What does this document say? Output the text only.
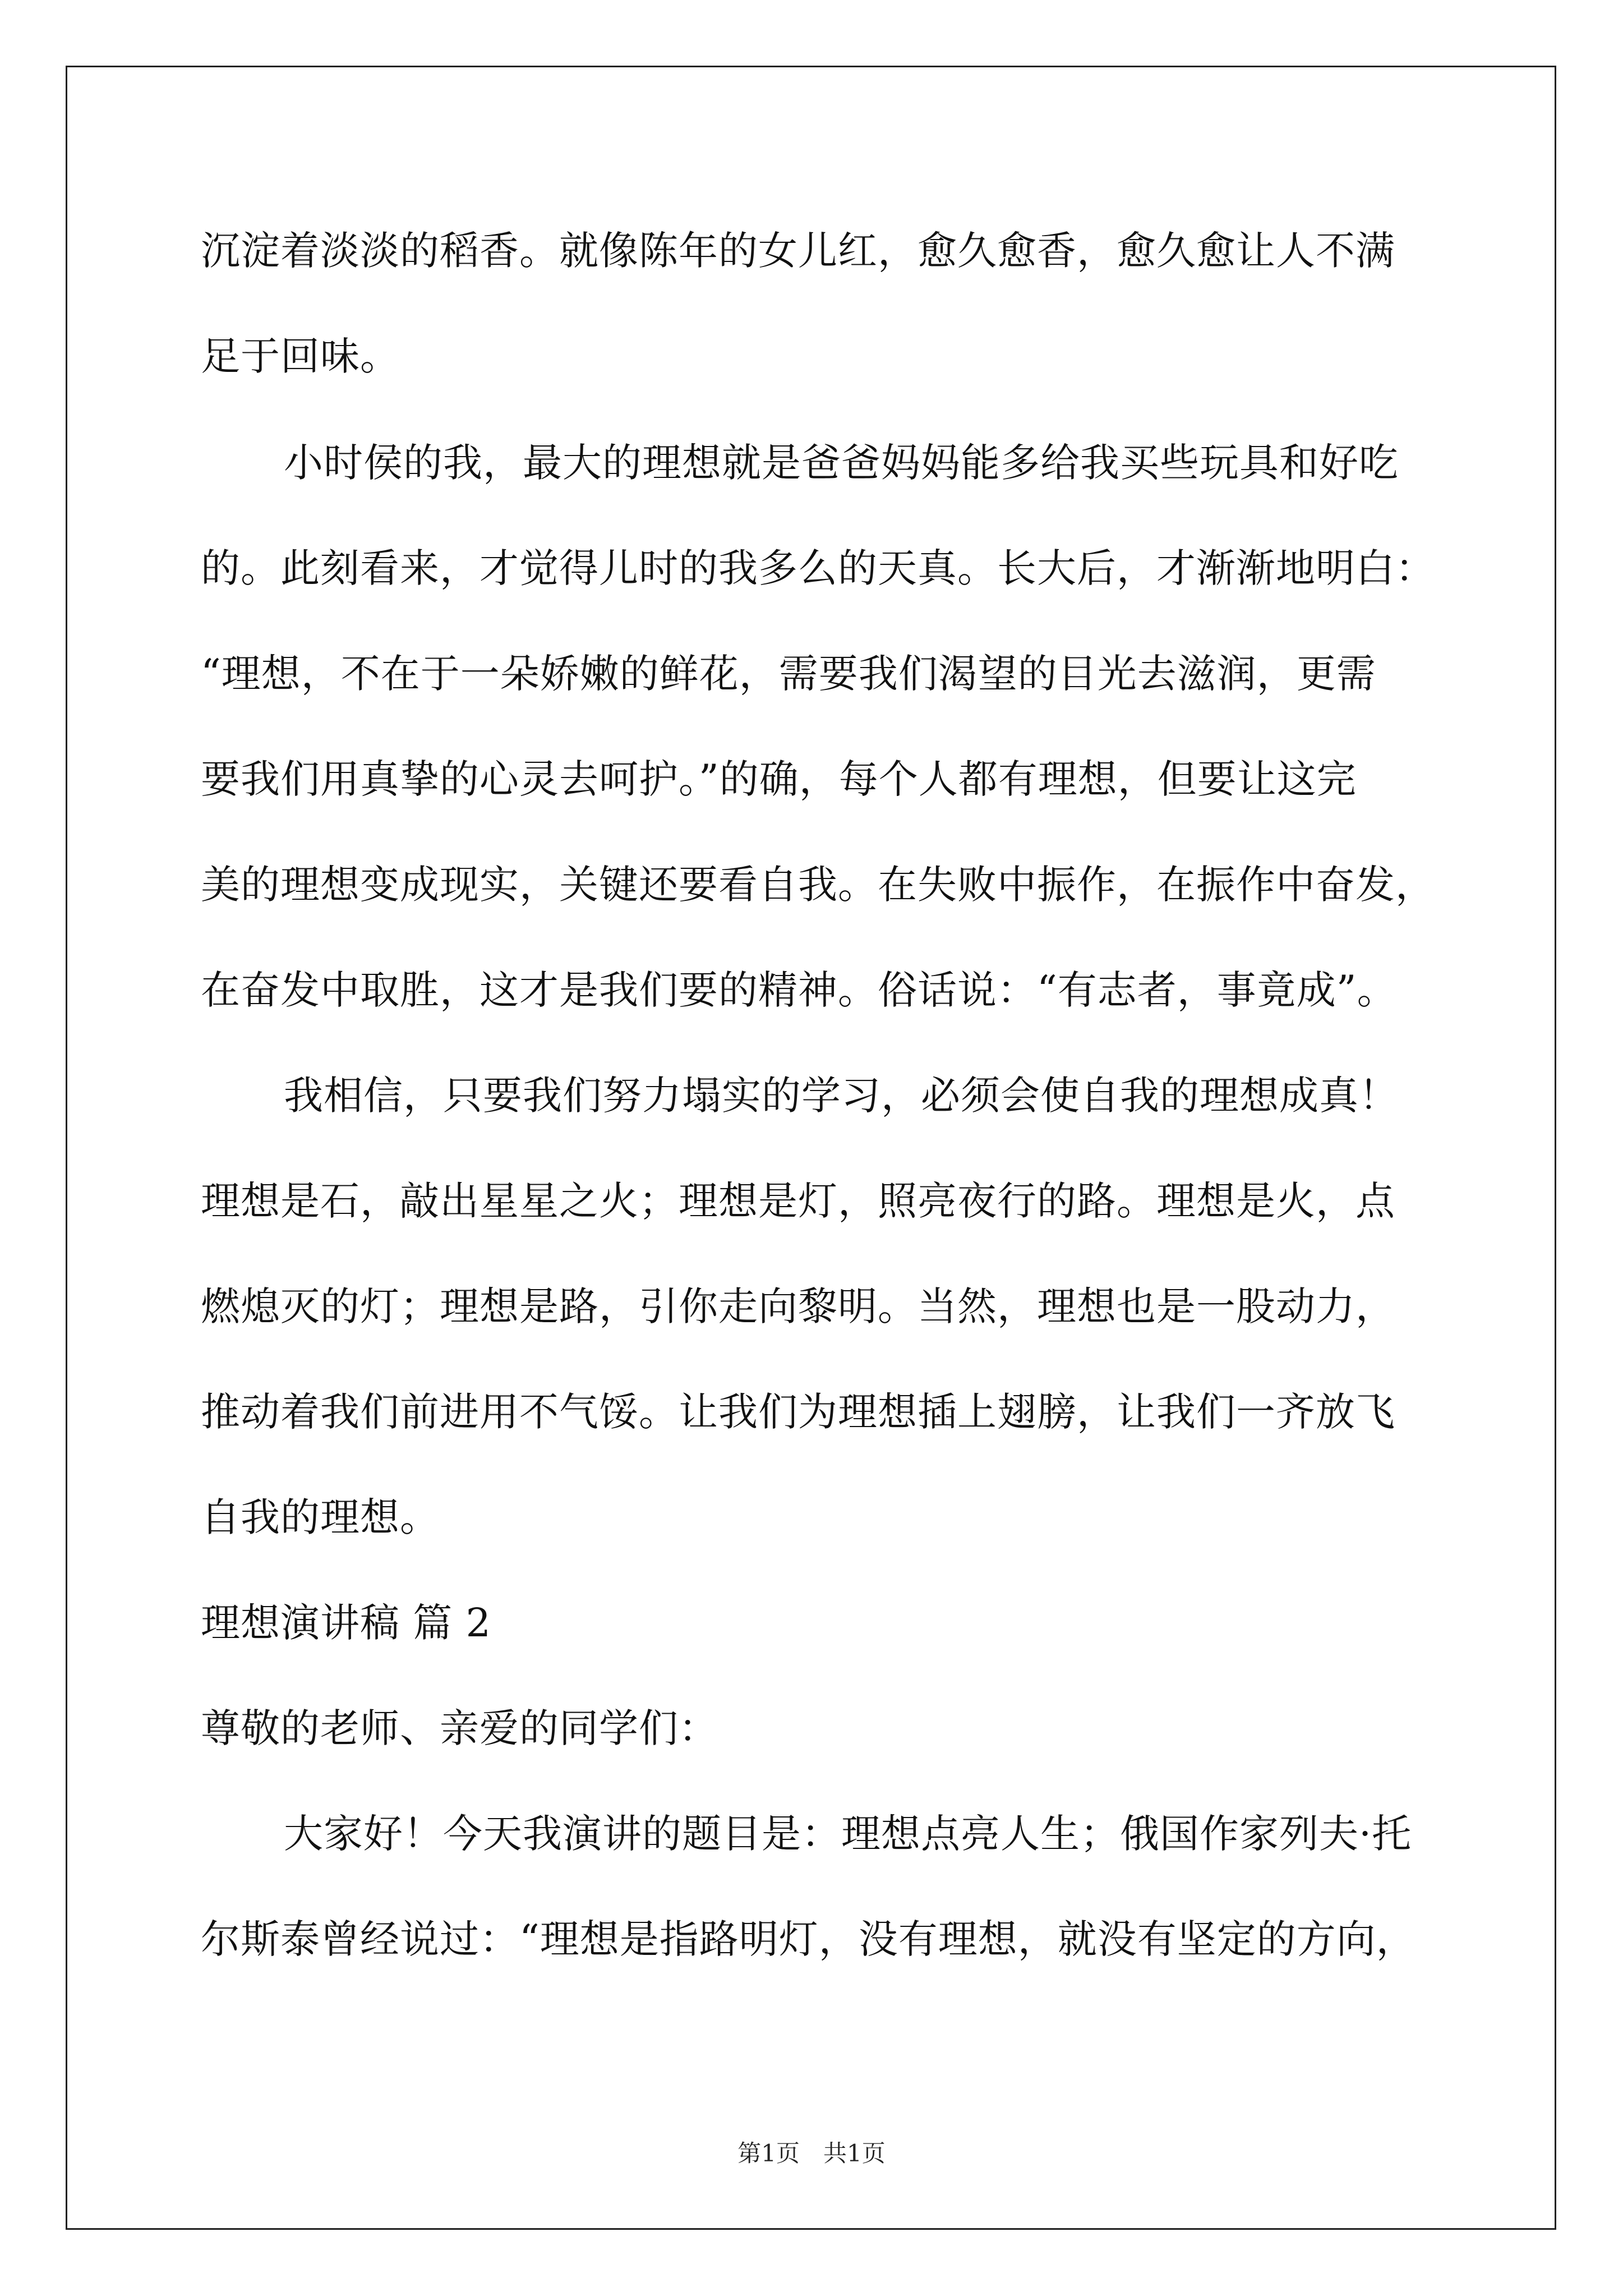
沉淀着淡淡的稻香。就像陈年的女儿红，愈久愈香，愈久愈让人不满
足于回味。
小时侯的我，最大的理想就是爸爸妈妈能多给我买些玩具和好吃
的。此刻看来，才觉得儿时的我多么的天真。长大后，才渐渐地明白：
“理想，不在于一朵娇嫩的鲜花，需要我们渴望的目光去滋润，更需
要我们用真挚的心灵去呵护。”的确，每个人都有理想，但要让这完
美的理想变成现实，关键还要看自我。在失败中振作，在振作中奋发，
在奋发中取胜，这才是我们要的精神。俗话说：“有志者，事竟成”。
我相信，只要我们努力塌实的学习，必须会使自我的理想成真！
理想是石，敲出星星之火；理想是灯，照亮夜行的路。理想是火，点
燃熄灭的灯；理想是路，引你走向黎明。当然，理想也是一股动力，
推动着我们前进用不气馁。让我们为理想插上翅膀，让我们一齐放飞
自我的理想。
理想演讲稿 篇 2
尊敬的老师、亲爱的同学们：
大家好！今天我演讲的题目是：理想点亮人生；俄国作家列夫·托
尔斯泰曾经说过：“理想是指路明灯，没有理想，就没有坚定的方向，
第1页　共1页
